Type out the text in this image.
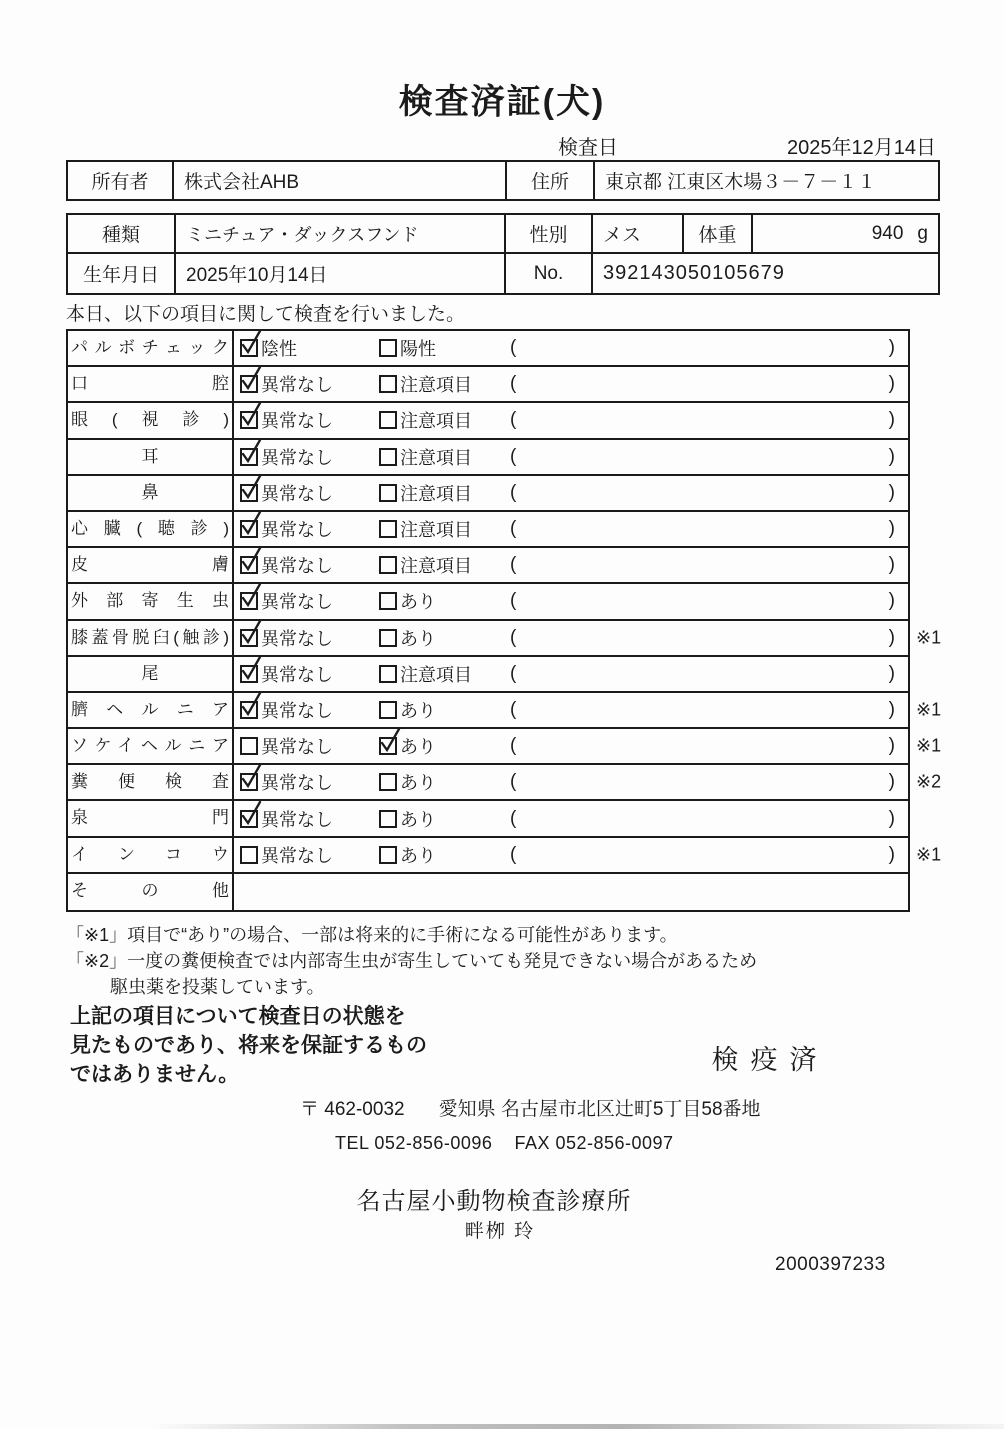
検査済証(犬)
検査日	2025年12月14日
所有者	株式会社AHB	住所	東京都 江東区木場３－７－１１
種類	ミニチュア・ダックスフンド	性別	メス	体重	940 g
生年月日	2025年10月14日	No.	392143050105679
本日、以下の項目に関して検査を行いました。
パルボチェック 陰性	陽性	(	)
口腔 異常なし	注意項目 (	)
眼(視診) 異常なし	注意項目 (	)
耳	異常なし	注意項目 (	)
鼻	異常なし	注意項目 (	)
心臓(聴診) 異常なし	注意項目 (	)
皮膚 異常なし	注意項目 (	)
外部寄生虫 異常なし	あり	(	)
膝蓋骨脱臼(触診) 異常なし	あり	(	) ※1
尾	異常なし	注意項目 (	)
臍ヘルニア 異常なし	あり	(	) ※1
ソケイヘルニア 異常なし	あり	(	) ※1
糞便検査 異常なし	あり	(	) ※2
泉門 異常なし	あり	(	)
インコウ 異常なし	あり	(	) ※1
その他
「※1」項目で“あり”の場合、一部は将来的に手術になる可能性があります。
「※2」一度の糞便検査では内部寄生虫が寄生していても発見できない場合があるため
駆虫薬を投薬しています。
上記の項目について検査日の状態を
見たものであり、将来を保証するもの
ではありません。	検疫済
〒 462-0032 愛知県 名古屋市北区辻町5丁目58番地
TEL 052-856-0096 FAX 052-856-0097
名古屋小動物検査診療所
畔栁 玲
2000397233
